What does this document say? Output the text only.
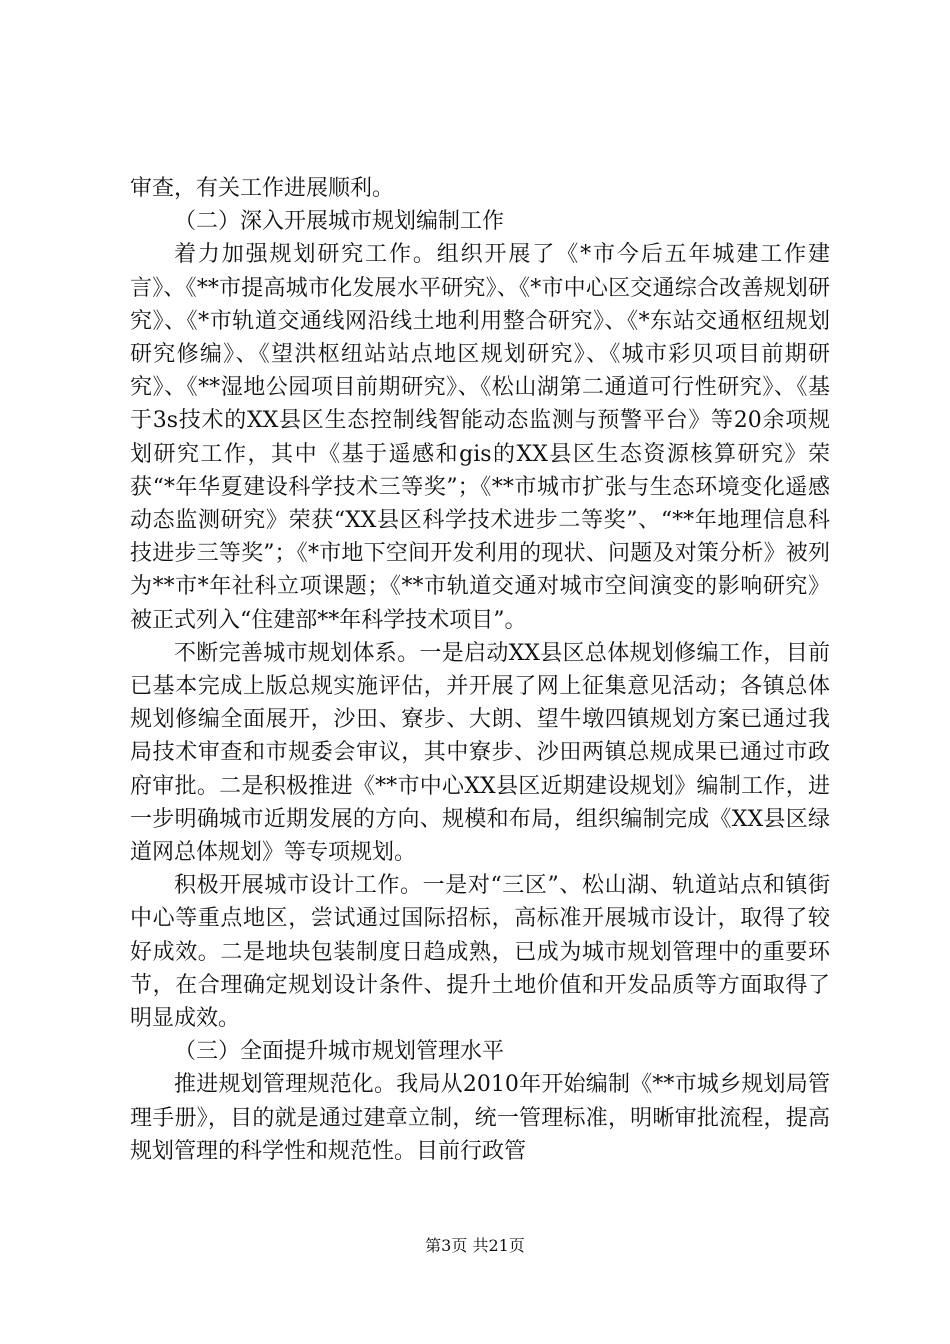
审查，有关工作进展顺利。

（二）深入开展城市规划编制工作

着力加强规划研究工作。组织开展了《*市今后五年城建工作建言》、《**市提高城市化发展水平研究》、《*市中心区交通综合改善规划研究》、《*市轨道交通线网沿线土地利用整合研究》、《*东站交通枢纽规划研究修编》、《望洪枢纽站站点地区规划研究》、《城市彩贝项目前期研究》、《**湿地公园项目前期研究》、《松山湖第二通道可行性研究》、《基于3s技术的XX县区生态控制线智能动态监测与预警平台》等20余项规划研究工作，其中《基于遥感和gis的XX县区生态资源核算研究》荣获“*年华夏建设科学技术三等奖”；《**市城市扩张与生态环境变化遥感动态监测研究》荣获“XX县区科学技术进步二等奖”、“**年地理信息科技进步三等奖”；《*市地下空间开发利用的现状、问题及对策分析》被列为**市*年社科立项课题；《**市轨道交通对城市空间演变的影响研究》被正式列入“住建部**年科学技术项目”。

不断完善城市规划体系。一是启动XX县区总体规划修编工作，目前已基本完成上版总规实施评估，并开展了网上征集意见活动；各镇总体规划修编全面展开，沙田、寮步、大朗、望牛墩四镇规划方案已通过我局技术审查和市规委会审议，其中寮步、沙田两镇总规成果已通过市政府审批。二是积极推进《**市中心XX县区近期建设规划》编制工作，进一步明确城市近期发展的方向、规模和布局，组织编制完成《XX县区绿道网总体规划》等专项规划。

积极开展城市设计工作。一是对“三区”、松山湖、轨道站点和镇街中心等重点地区，尝试通过国际招标，高标准开展城市设计，取得了较好成效。二是地块包装制度日趋成熟，已成为城市规划管理中的重要环节，在合理确定规划设计条件、提升土地价值和开发品质等方面取得了明显成效。

（三）全面提升城市规划管理水平

推进规划管理规范化。我局从2010年开始编制《**市城乡规划局管理手册》，目的就是通过建章立制，统一管理标准，明晰审批流程，提高规划管理的科学性和规范性。目前行政管

第3页 共21页
